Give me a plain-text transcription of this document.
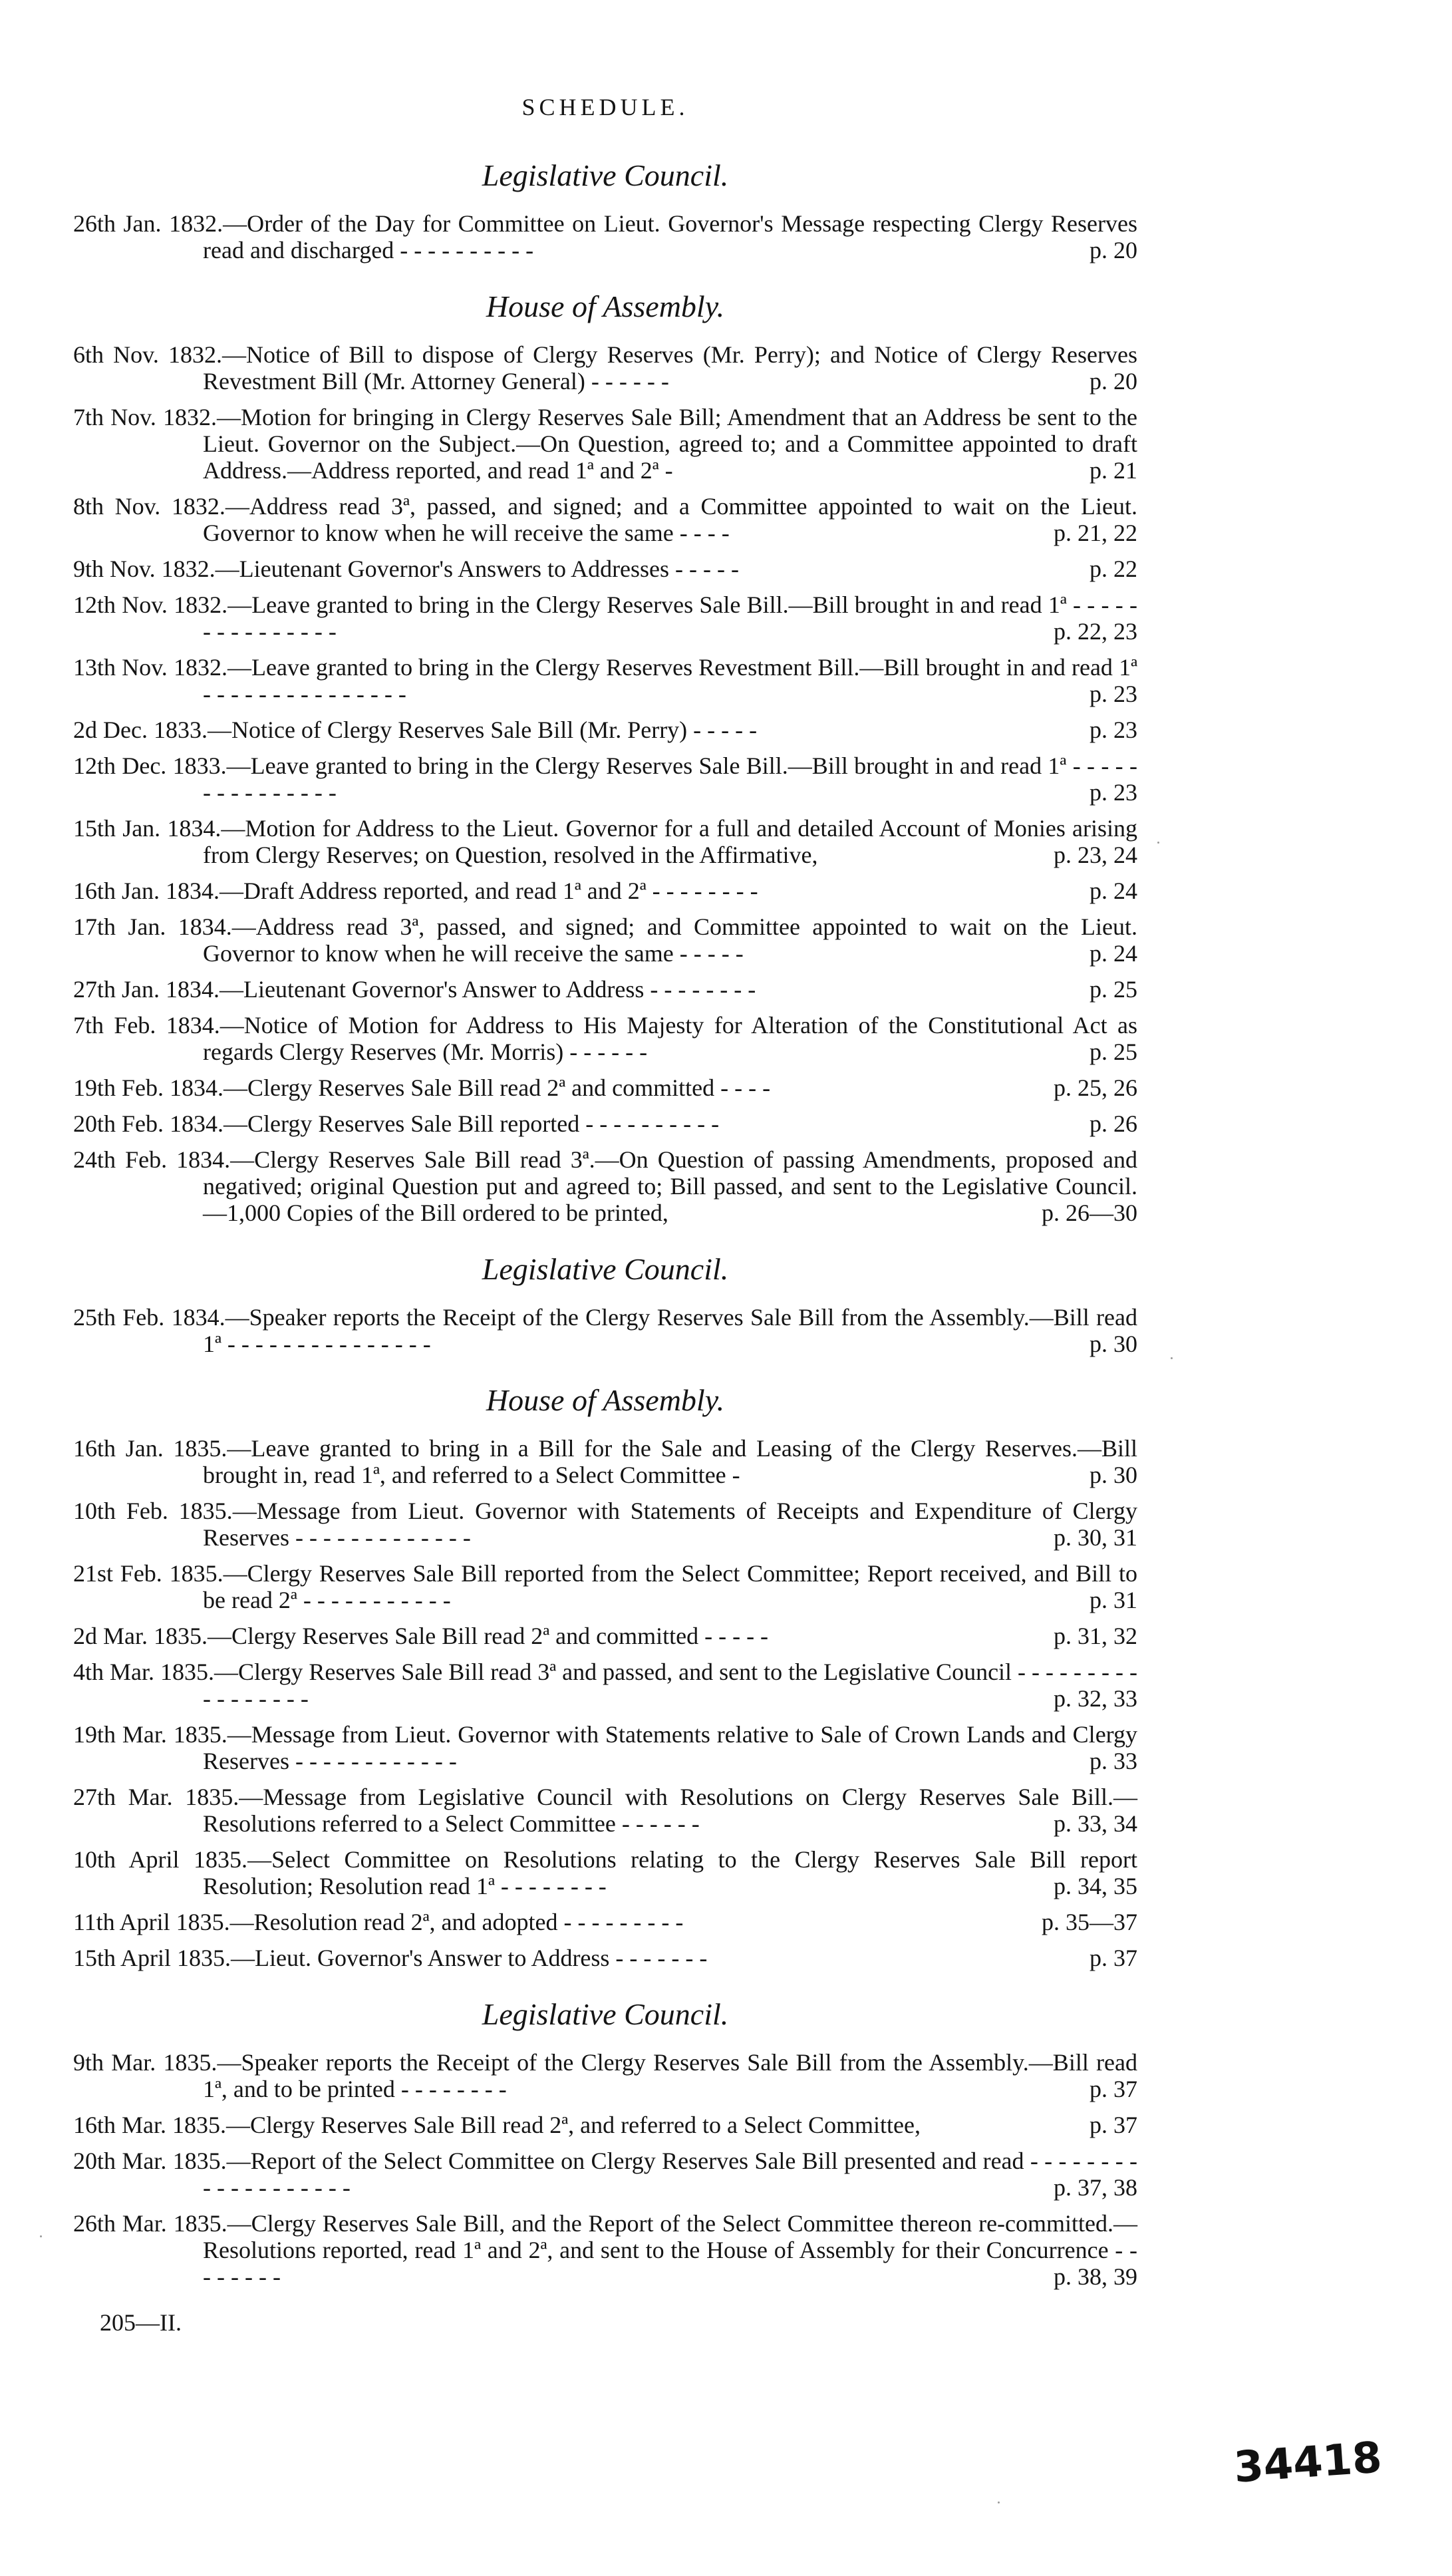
SCHEDULE.
Legislative Council.
26th Jan. 1832.—Order of the Day for Committee on Lieut. Governor's Message respecting Clergy Reserves read and discharged - - - - - - - - - -	p. 20
House of Assembly.
6th Nov. 1832.—Notice of Bill to dispose of Clergy Reserves (Mr. Perry); and Notice of Clergy Reserves Revestment Bill (Mr. Attorney General) - - - - - -	p. 20
7th Nov. 1832.—Motion for bringing in Clergy Reserves Sale Bill; Amendment that an Address be sent to the Lieut. Governor on the Subject.—On Question, agreed to; and a Committee appointed to draft Address.—Address reported, and read 1ª and 2ª -	p. 21
8th Nov. 1832.—Address read 3ª, passed, and signed; and a Committee appointed to wait on the Lieut. Governor to know when he will receive the same - - - -	p. 21, 22
9th Nov. 1832.—Lieutenant Governor's Answers to Addresses - - - - -	p. 22
12th Nov. 1832.—Leave granted to bring in the Clergy Reserves Sale Bill.—Bill brought in and read 1ª - - - - - - - - - - - - - - -	p. 22, 23
13th Nov. 1832.—Leave granted to bring in the Clergy Reserves Revestment Bill.—Bill brought in and read 1ª - - - - - - - - - - - - - - -	p. 23
2d Dec. 1833.—Notice of Clergy Reserves Sale Bill (Mr. Perry) - - - - -	p. 23
12th Dec. 1833.—Leave granted to bring in the Clergy Reserves Sale Bill.—Bill brought in and read 1ª - - - - - - - - - - - - - - -	p. 23
15th Jan. 1834.—Motion for Address to the Lieut. Governor for a full and detailed Account of Monies arising from Clergy Reserves; on Question, resolved in the Affirmative,	p. 23, 24
16th Jan. 1834.—Draft Address reported, and read 1ª and 2ª - - - - - - - -	p. 24
17th Jan. 1834.—Address read 3ª, passed, and signed; and Committee appointed to wait on the Lieut. Governor to know when he will receive the same - - - - -	p. 24
27th Jan. 1834.—Lieutenant Governor's Answer to Address - - - - - - - -	p. 25
7th Feb. 1834.—Notice of Motion for Address to His Majesty for Alteration of the Constitutional Act as regards Clergy Reserves (Mr. Morris) - - - - - -	p. 25
19th Feb. 1834.—Clergy Reserves Sale Bill read 2ª and committed - - - -	p. 25, 26
20th Feb. 1834.—Clergy Reserves Sale Bill reported - - - - - - - - - -	p. 26
24th Feb. 1834.—Clergy Reserves Sale Bill read 3ª.—On Question of passing Amendments, proposed and negatived; original Question put and agreed to; Bill passed, and sent to the Legislative Council.—1,000 Copies of the Bill ordered to be printed,	p. 26—30
Legislative Council.
25th Feb. 1834.—Speaker reports the Receipt of the Clergy Reserves Sale Bill from the Assembly.—Bill read 1ª - - - - - - - - - - - - - - -	p. 30
House of Assembly.
16th Jan. 1835.—Leave granted to bring in a Bill for the Sale and Leasing of the Clergy Reserves.—Bill brought in, read 1ª, and referred to a Select Committee -	p. 30
10th Feb. 1835.—Message from Lieut. Governor with Statements of Receipts and Expenditure of Clergy Reserves - - - - - - - - - - - - -	p. 30, 31
21st Feb. 1835.—Clergy Reserves Sale Bill reported from the Select Committee; Report received, and Bill to be read 2ª - - - - - - - - - - -	p. 31
2d Mar. 1835.—Clergy Reserves Sale Bill read 2ª and committed - - - - -	p. 31, 32
4th Mar. 1835.—Clergy Reserves Sale Bill read 3ª and passed, and sent to the Legislative Council - - - - - - - - - - - - - - - - -	p. 32, 33
19th Mar. 1835.—Message from Lieut. Governor with Statements relative to Sale of Crown Lands and Clergy Reserves - - - - - - - - - - - -	p. 33
27th Mar. 1835.—Message from Legislative Council with Resolutions on Clergy Reserves Sale Bill.—Resolutions referred to a Select Committee - - - - - -	p. 33, 34
10th April 1835.—Select Committee on Resolutions relating to the Clergy Reserves Sale Bill report Resolution; Resolution read 1ª - - - - - - - -	p. 34, 35
11th April 1835.—Resolution read 2ª, and adopted - - - - - - - - -	p. 35—37
15th April 1835.—Lieut. Governor's Answer to Address - - - - - - -	p. 37
Legislative Council.
9th Mar. 1835.—Speaker reports the Receipt of the Clergy Reserves Sale Bill from the Assembly.—Bill read 1ª, and to be printed - - - - - - - -	p. 37
16th Mar. 1835.—Clergy Reserves Sale Bill read 2ª, and referred to a Select Committee,	p. 37
20th Mar. 1835.—Report of the Select Committee on Clergy Reserves Sale Bill presented and read - - - - - - - - - - - - - - - - - - -	p. 37, 38
26th Mar. 1835.—Clergy Reserves Sale Bill, and the Report of the Select Committee thereon re-committed.—Resolutions reported, read 1ª and 2ª, and sent to the House of Assembly for their Concurrence - - - - - - - -	p. 38, 39
205—II.
34418
